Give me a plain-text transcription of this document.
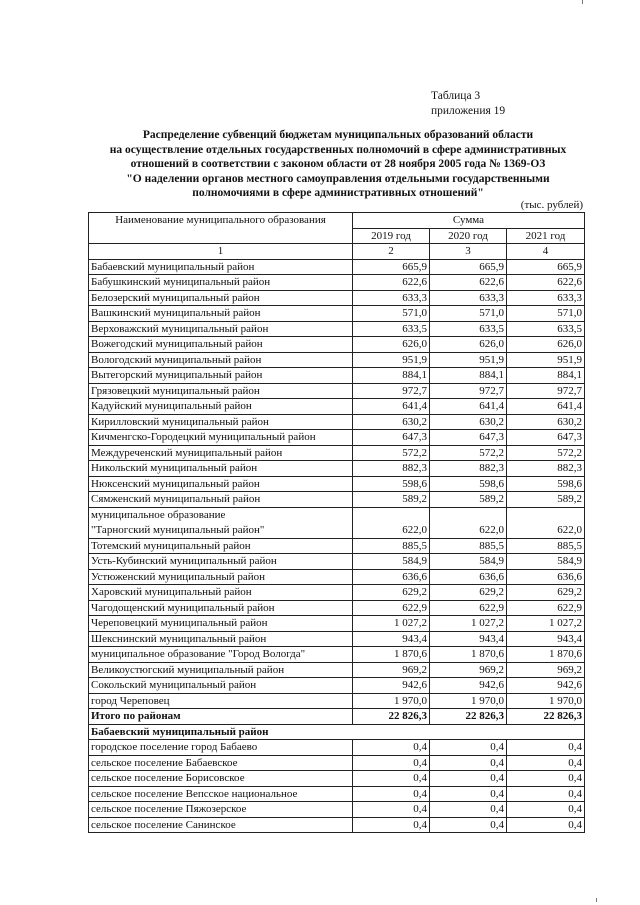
Таблица 3
приложения 19
Распределение субвенций бюджетам муниципальных образований области
на осуществление отдельных государственных полномочий в сфере административных
отношений в соответствии с законом области от 28 ноября 2005 года № 1369-ОЗ
"О наделении органов местного самоуправления отдельными государственными
полномочиями в сфере административных отношений"
(тыс. рублей)
Наименование муниципального образования	Сумма		
	2019 год	2020 год	2021 год
1	2	3	4
Бабаевский муниципальный район	665,9	665,9	665,9
Бабушкинский муниципальный район	622,6	622,6	622,6
Белозерский муниципальный район	633,3	633,3	633,3
Вашкинский муниципальный район	571,0	571,0	571,0
Верховажский муниципальный район	633,5	633,5	633,5
Вожегодский муниципальный район	626,0	626,0	626,0
Вологодский муниципальный район	951,9	951,9	951,9
Вытегорский муниципальный район	884,1	884,1	884,1
Грязовецкий муниципальный район	972,7	972,7	972,7
Кадуйский муниципальный район	641,4	641,4	641,4
Кирилловский муниципальный район	630,2	630,2	630,2
Кичменгско-Городецкий муниципальный район	647,3	647,3	647,3
Междуреченский муниципальный район	572,2	572,2	572,2
Никольский муниципальный район	882,3	882,3	882,3
Нюксенский муниципальный район	598,6	598,6	598,6
Сямженский муниципальный район	589,2	589,2	589,2

муниципальное образование
"Тарногский муниципальный район"	622,0	622,0	622,0
Тотемский муниципальный район	885,5	885,5	885,5
Усть-Кубинский муниципальный район	584,9	584,9	584,9
Устюженский муниципальный район	636,6	636,6	636,6
Харовский муниципальный район	629,2	629,2	629,2
Чагодощенский муниципальный район	622,9	622,9	622,9
Череповецкий муниципальный район	1 027,2	1 027,2	1 027,2
Шекснинский муниципальный район	943,4	943,4	943,4
муниципальное образование "Город Вологда"	1 870,6	1 870,6	1 870,6
Великоустюгский муниципальный район	969,2	969,2	969,2
Сокольский муниципальный район	942,6	942,6	942,6
город Череповец	1 970,0	1 970,0	1 970,0
Итого по районам	22 826,3	22 826,3	22 826,3
Бабаевский муниципальный район			
городское поселение город Бабаево	0,4	0,4	0,4
сельское поселение Бабаевское	0,4	0,4	0,4
сельское поселение Борисовское	0,4	0,4	0,4
сельское поселение Вепсское национальное	0,4	0,4	0,4
сельское поселение Пяжозерское	0,4	0,4	0,4
сельское поселение Санинское	0,4	0,4	0,4
